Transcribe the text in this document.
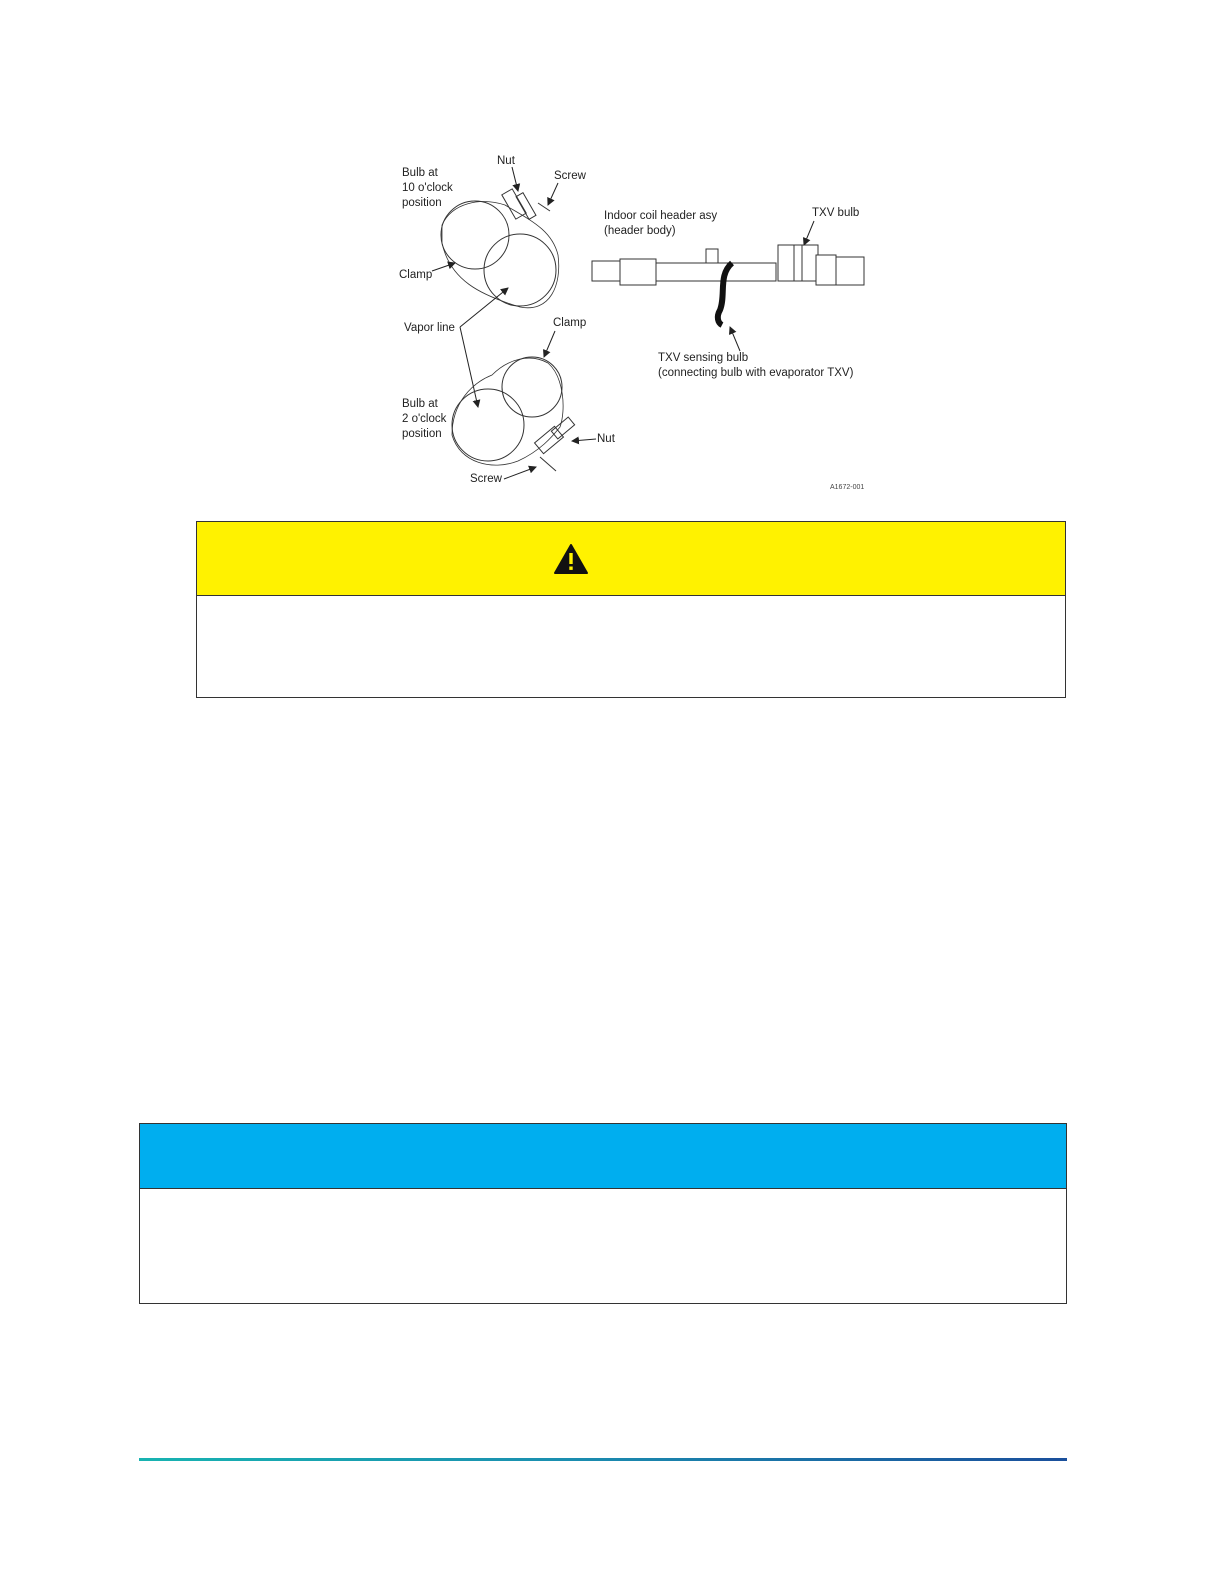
Nut
Screw
Bulb at
10 o'clock
position
Clamp
Vapor line	Clamp
Bulb at
2 o'clock
position	Nut
Screw
Indoor coil header asy
(header body)
TXV bulb
TXV sensing bulb
(connecting bulb with evaporator TXV)
A1672-001
